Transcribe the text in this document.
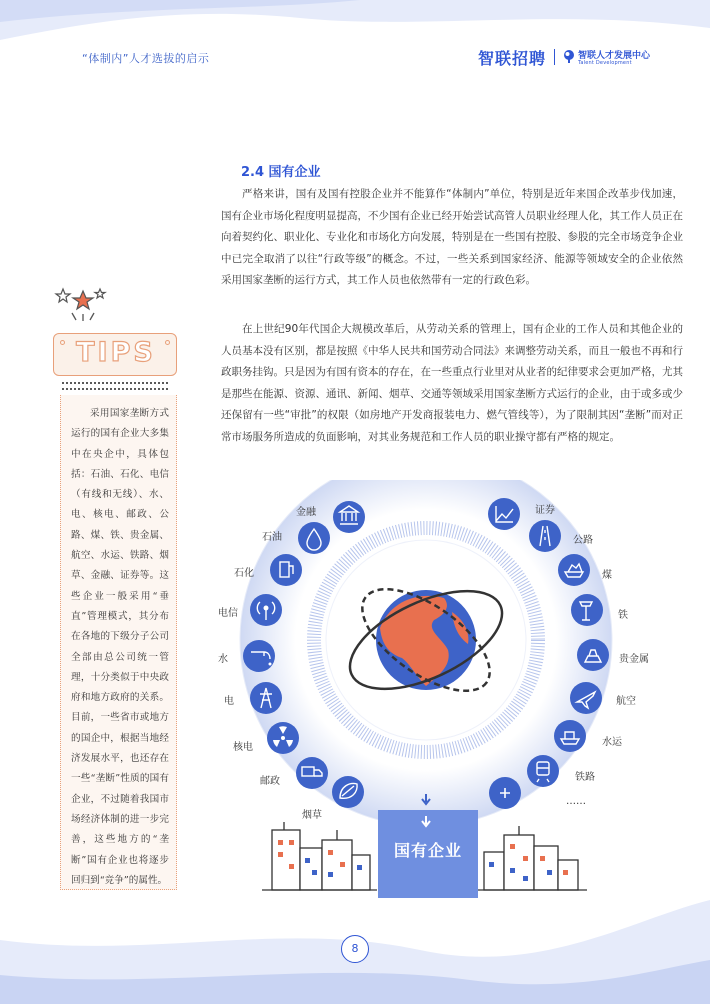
“体制内”人才选拔的启示	智联招聘	智联人才发展中心
Talent Development
2.4 国有企业

严格来讲，国有及国有控股企业并不能算作“体制内”单位，特别是近年来国企改革步伐加速，国有企业市场化程度明显提高，不少国有企业已经开始尝试高管人员职业经理人化，其工作人员正在向着契约化、职业化、专业化和市场化方向发展，特别是在一些国有控股、参股的完全市场竞争企业中已完全取消了以往“行政等级”的概念。不过，一些关系到国家经济、能源等领域安全的企业依然采用国家垄断的运行方式，其工作人员也依然带有一定的行政色彩。

在上世纪90年代国企大规模改革后，从劳动关系的管理上，国有企业的工作人员和其他企业的人员基本没有区别，都是按照《中华人民共和国劳动合同法》来调整劳动关系，而且一般也不再和行政职务挂钩。只是因为有国有资本的存在，在一些重点行业里对从业者的纪律要求会更加严格，尤其是那些在能源、资源、通讯、新闻、烟草、交通等领域采用国家垄断方式运行的企业，由于或多或少还保留有一些“审批”的权限（如房地产开发商报装电力、燃气管线等），为了限制其因“垄断”而对正常市场服务所造成的负面影响，对其业务规范和工作人员的职业操守都有严格的规定。

TIPS

采用国家垄断方式运行的国有企业大多集中在央企中，具体包括：石油、石化、电信（有线和无线）、水、电、核电、邮政、公路、煤、铁、贵金属、航空、水运、铁路、烟草、金融、证券等。这些企业一般采用“垂直”管理模式，其分布在各地的下级分子公司全部由总公司统一管理，十分类似于中央政府和地方政府的关系。目前，一些省市或地方的国企中，根据当地经济发展水平，也还存在一些“垄断”性质的国有企业，不过随着我国市场经济体制的进一步完善，这些地方的“垄断”国有企业也将逐步回归到“竞争”的属性。

金融
石油
石化
电信
水
电
核电
邮政
烟草
证券
公路
煤
铁
贵金属
航空
水运
铁路
……
国有企业
8
